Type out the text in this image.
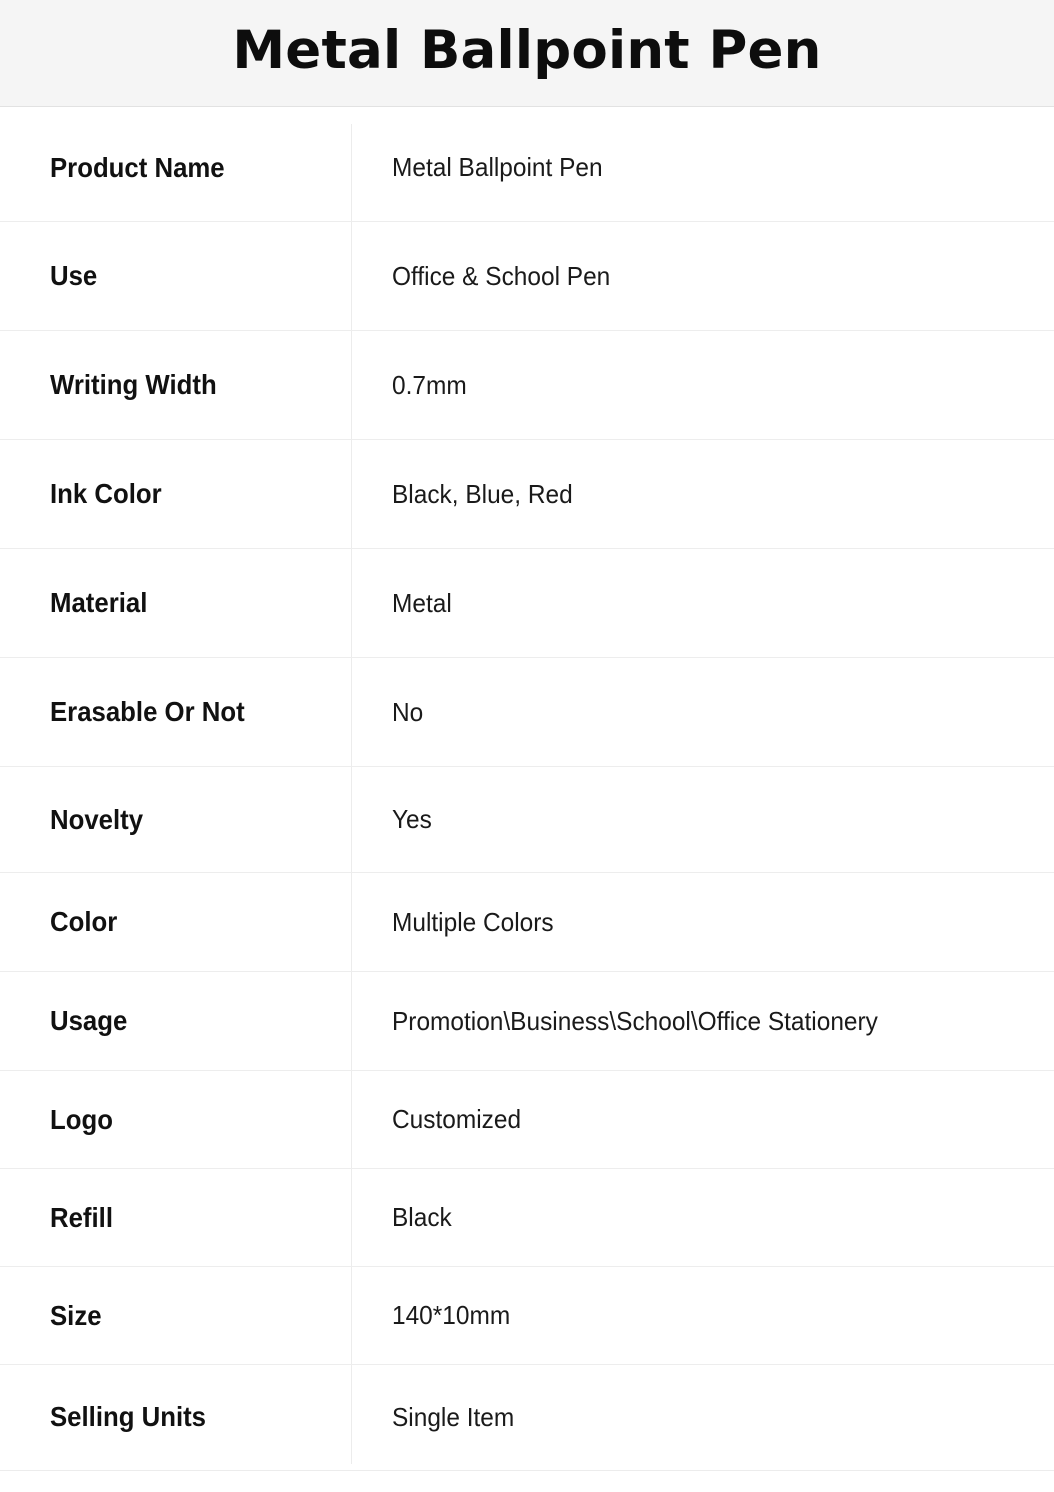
Metal Ballpoint Pen
Product Name	Metal Ballpoint Pen
Use	Office & School Pen
Writing Width	0.7mm
Ink Color	Black, Blue, Red
Material	Metal
Erasable Or Not	No
Novelty	Yes
Color	Multiple Colors
Usage	Promotion\Business\School\Office Stationery
Logo	Customized
Refill	Black
Size	140*10mm
Selling Units	Single Item
